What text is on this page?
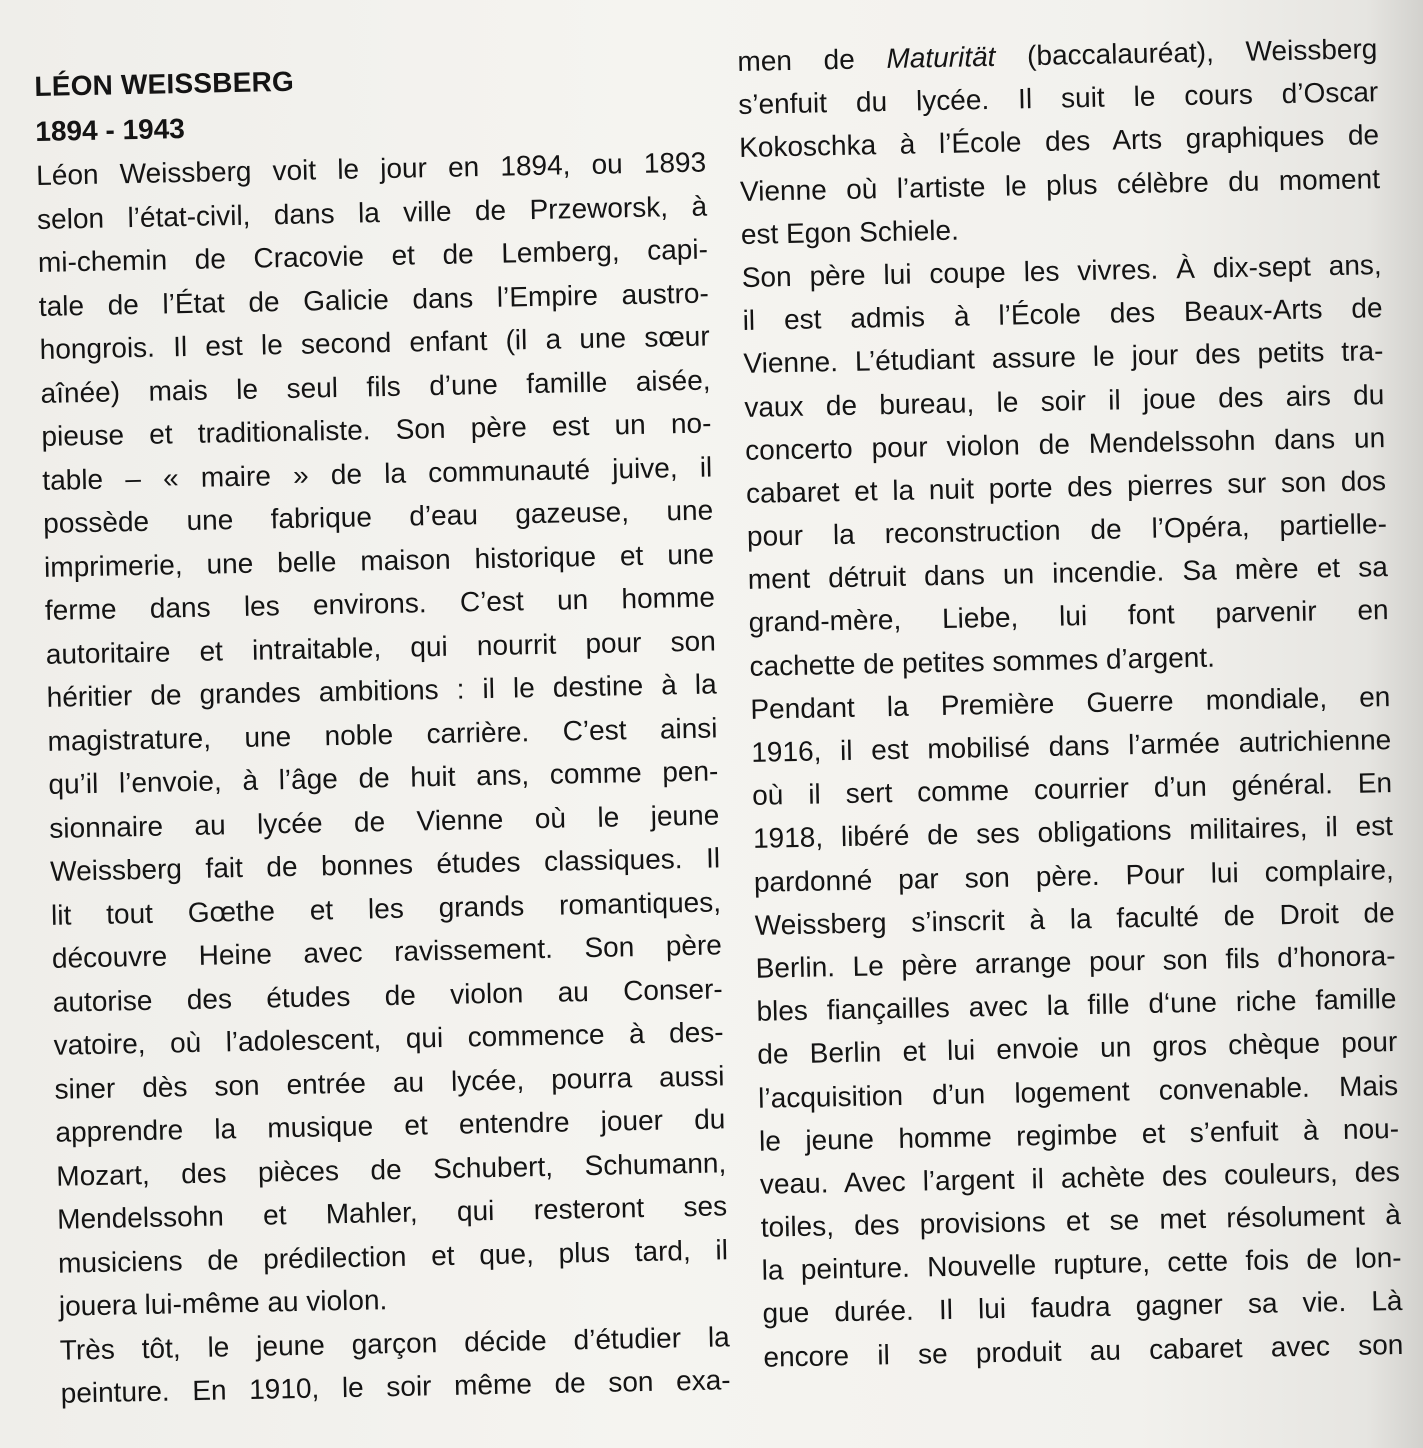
LÉON WEISSBERG
1894 - 1943
Léon Weissberg voit le jour en 1894, ou 1893
selon l’état-civil, dans la ville de Przeworsk, à
mi-chemin de Cracovie et de Lemberg, capi-
tale de l’État de Galicie dans l’Empire austro-
hongrois. Il est le second enfant (il a une sœur
aînée) mais le seul fils d’une famille aisée,
pieuse et traditionaliste. Son père est un no-
table – « maire » de la communauté juive, il
possède une fabrique d’eau gazeuse, une
imprimerie, une belle maison historique et une
ferme dans les environs. C’est un homme
autoritaire et intraitable, qui nourrit pour son
héritier de grandes ambitions : il le destine à la
magistrature, une noble carrière. C’est ainsi
qu’il l’envoie, à l’âge de huit ans, comme pen-
sionnaire au lycée de Vienne où le jeune
Weissberg fait de bonnes études classiques. Il
lit tout Gœthe et les grands romantiques,
découvre Heine avec ravissement. Son père
autorise des études de violon au Conser-
vatoire, où l’adolescent, qui commence à des-
siner dès son entrée au lycée, pourra aussi
apprendre la musique et entendre jouer du
Mozart, des pièces de Schubert, Schumann,
Mendelssohn et Mahler, qui resteront ses
musiciens de prédilection et que, plus tard, il
jouera lui-même au violon.
Très tôt, le jeune garçon décide d’étudier la
peinture. En 1910, le soir même de son exa-
men de Maturität (baccalauréat), Weissberg
s’enfuit du lycée. Il suit le cours d’Oscar
Kokoschka à l’École des Arts graphiques de
Vienne où l’artiste le plus célèbre du moment
est Egon Schiele.
Son père lui coupe les vivres. À dix-sept ans,
il est admis à l’École des Beaux-Arts de
Vienne. L’étudiant assure le jour des petits tra-
vaux de bureau, le soir il joue des airs du
concerto pour violon de Mendelssohn dans un
cabaret et la nuit porte des pierres sur son dos
pour la reconstruction de l’Opéra, partielle-
ment détruit dans un incendie. Sa mère et sa
grand-mère, Liebe, lui font parvenir en
cachette de petites sommes d’argent.
Pendant la Première Guerre mondiale, en
1916, il est mobilisé dans l’armée autrichienne
où il sert comme courrier d’un général. En
1918, libéré de ses obligations militaires, il est
pardonné par son père. Pour lui complaire,
Weissberg s’inscrit à la faculté de Droit de
Berlin. Le père arrange pour son fils d’honora-
bles fiançailles avec la fille d‘une riche famille
de Berlin et lui envoie un gros chèque pour
l’acquisition d’un logement convenable. Mais
le jeune homme regimbe et s’enfuit à nou-
veau. Avec l’argent il achète des couleurs, des
toiles, des provisions et se met résolument à
la peinture. Nouvelle rupture, cette fois de lon-
gue durée. Il lui faudra gagner sa vie. Là
encore il se produit au cabaret avec son
